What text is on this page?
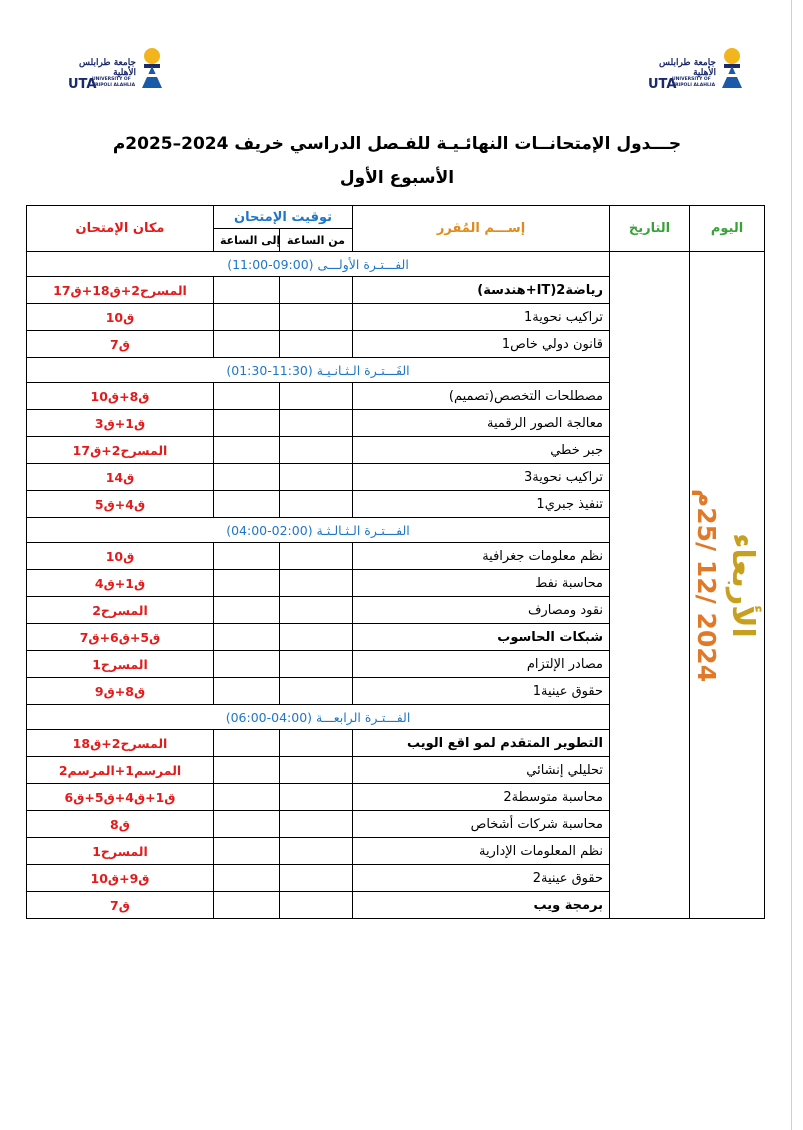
جامعة طرابلس الأهلية
UTA
UNIVERSITY OF TRIPOLI ALAHLIA
جامعة طرابلس الأهلية
UTA
UNIVERSITY OF TRIPOLI ALAHLIA
جـــدول الإمتحانــات النهائـيـة للفـصل الدراسي خريف 2024–2025م
الأسبوع الأول
مكان الإمتحان	توقيت الإمتحان		إســـم المُقرر	التاريخ	اليوم
	إلى الساعة	من الساعة			
الفـــتـرة الأولـــى (09:00-11:00)				2024 /12 /25م	الأربعاء
المسرح2+ق18+ق17			رياضة2(IT+هندسة)		
ق10			تراكيب نحوية1		
ق7			قانون دولي خاص1		
الفَـــتـرة الـثـانـيـة (11:30-01:30)					
ق8+ق10			مصطلحات التخصص(تصميم)		
ق1+ق3			معالجة الصور الرقمية		
المسرح2+ق17			جبر خطي		
ق14			تراكيب نحوية3		
ق4+ق5			تنفيذ جبري1		
الفـــتـرة الـثـالـثـة (02:00-04:00)					
ق10			نظم معلومات جغرافية		
ق1+ق4			محاسبة نفط		
المسرح2			نقود ومصارف		
ق5+ق6+ق7			شبكات الحاسوب		
المسرح1			مصادر الإلتزام		
ق8+ق9			حقوق عينية1		
الفـــتـرة الرابعـــة (04:00-06:00)					
المسرح2+ق18			التطوير المتقدم لمو اقع الويب		
المرسم1+المرسم2			تحليلي إنشائي		
ق1+ق4+ق5+ق6			محاسبة متوسطة2		
ق8			محاسبة شركات أشخاص		
المسرح1			نظم المعلومات الإدارية		
ق9+ق10			حقوق عينية2		
ق7			برمجة ويب		
